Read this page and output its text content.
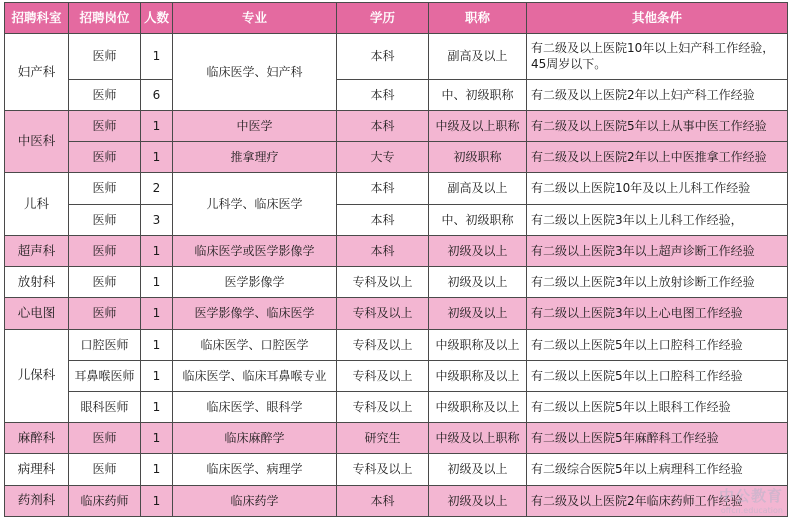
招聘科室	招聘岗位	人数	专业	学历	职称	其他条件
妇产科	医师	1	临床医学、妇产科	本科	副高及以上	有二级及以上医院10年以上妇产科工作经验，45周岁以下。
	医师	6		本科	中、初级职称	有二级及以上医院2年以上妇产科工作经验
中医科	医师	1	中医学	本科	中级及以上职称	有二级及以上医院5年以上从事中医工作经验
	医师	1	推拿理疗	大专	初级职称	有二级及以上医院2年以上中医推拿工作经验
儿科	医师	2	儿科学、临床医学	本科	副高及以上	有二级以上医院10年及以上儿科工作经验
	医师	3		本科	中、初级职称	有二级以上医院3年以上儿科工作经验，
超声科	医师	1	临床医学或医学影像学	本科	初级及以上	有二级以上医院3年以上超声诊断工作经验
放射科	医师	1	医学影像学	专科及以上	初级及以上	有二级以上医院3年以上放射诊断工作经验
心电图	医师	1	医学影像学、临床医学	专科及以上	初级及以上	有二级以上医院3年以上心电图工作经验
儿保科	口腔医师	1	临床医学、口腔医学	专科及以上	中级职称及以上	有二级以上医院5年以上口腔科工作经验
	耳鼻喉医师	1	临床医学、临床耳鼻喉专业	专科及以上	中级职称及以上	有二级以上医院5年以上口腔科工作经验
	眼科医师	1	临床医学、眼科学	专科及以上	中级职称及以上	有二级以上医院5年以上眼科工作经验
麻醉科	医师	1	临床麻醉学	研究生	中级及以上职称	有二级以上医院5年麻醉科工作经验
病理科	医师	1	临床医学、病理学	专科及以上	初级及以上	有二级综合医院5年以上病理科工作经验
药剂科	临床药师	1	临床药学	本科	初级及以上	有二级及以上医院2年临床药师工作经验
中公教育
offcn.education
